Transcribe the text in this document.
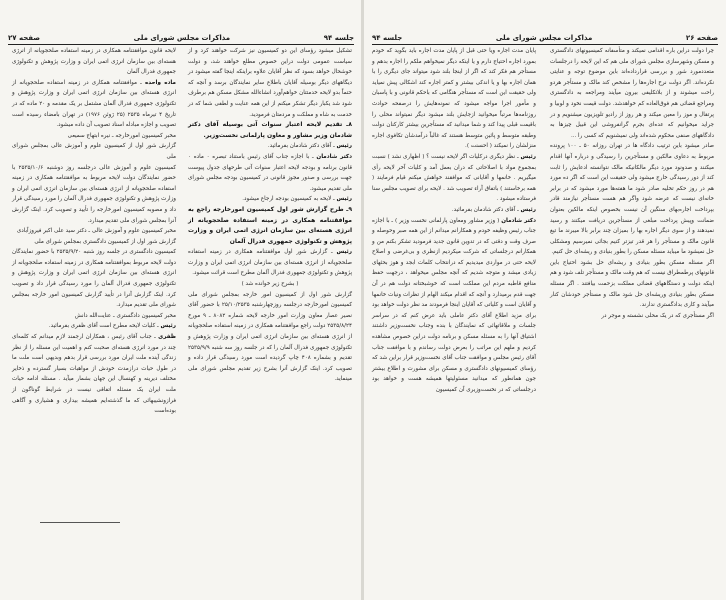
جلسه ۹۴
مذاکرات مجلس شورای ملی
صفحه ۲۷

تشکیل میشود رؤسای این دو کمیسیون نیز شرکت خواهند کرد و از سیاست عمومی دولت دراین خصوص مطلع خواهند شد، و دولت خوشحال خواهد بسود که نظر آقایان علاوه براینکه اینجا گفته میشود در دیگاههای دیگر بوسیله آقایان باطلاع سایر نمایندگان برسد و آنچه که حتماً بدو لایحه خدمتتان خواهم‌آورد انشاءالله مشکل مسکن هم برطرف شود شد یکبار دیگر تشکر میکنم از این همه عنایت و لطفی شما که در خدمت به شاه و مملکت و مردمتان فرمودید.

۸ـ تقدیم لایحه اعتبار سنوات آتی بوسیله آقای دکتر شادمان وزیر مشاور و معاون پارلمانی نخست‌وزیر.

رئیس ـ آقای دکتر شادمان بفرمائید.

دکتر شادمان ـ با اجازه جناب آقای رئیس باستناد تبصره ۰ ماده ۰ قانون برنامه و بودجه لایحه اعتبار سنوات آتی طرحهای جدول پیوست جهت بررسی و صدور مجوز قانونی در کمیسیون بودجه مجلس شورای ملی تقدیم میشود.

رئیس ـ لایحه به کمیسیون بودجه ارجاع میشود.

۹ـ طرح گزارش شور اول کمیسیون امورخارجه راجع به موافقتنامه همکاری در زمینه استفاده صلحجویانه از انرژی هسته‌ای بین سازمان انرژی اتمی ایران و وزارت پژوهش و تکنولوژی جمهوری فدرال آلمان

رئیس ـ گزارش شور اول موافقتنامه همکاری در زمینه استفاده صلحجویانه از انرژی هسته‌ای بین سازمان انرژی اتمی ایران و وزارت پژوهش و تکنولوژی جمهوری فدرال آلمان مطرح است قرائت میشود.

( بشرح زیر خوانده شد )

گزارش شور اول از کمیسیون امور خارجه بمجلس شورای ملی کمیسیون امورخارجه درجلسه روزچهارشنبه ۲۵/۱۰/۲۵۳۵ با حضور آقای نصیر عصار معاون وزارت امور خارجه لایحه شماره ۸۰۸۲ ـ ۹ مورخ ۲۵۳۵/۸/۲۴ دولت راجع موافقتنامه همکاری در زمینه استفاده صلحجویانه از انرژی هسته‌ای بین سازمان انرژی اتمی ایران و وزارت پژوهش و تکنولوژی جمهوری فدرال آلمان را که در جلسه روز سه شنبه ۲۵۳۵/۹/۹ تقدیم و بشماره ۴۰۸ چاپ گردیده است مورد رسیدگی قرار داده و تصویب کرد. اینک گزارش آنرا بشرح زیر تقدیم مجلس شورای ملی مینماید.

لایحه قانون موافقتنامه همکاری در زمینه استفاده صلحجویانه از انرژی هسته‌ای بین سازمان انرژی اتمی ایران و وزارت پژوهش و تکنولوژی جمهوری فدرال آلمان

ماده واحده ـ موافقتنامه همکاری در زمینه استفاده صلحجویانه از انرژی هسته‌ای بین سازمان انرژی اتمی ایران و وزارت پژوهش و تکنولوژی جمهوری فدرال آلمان مشتمل بر یک مقدمه و ۲۰ ماده که در تاریخ ۴ تیرماه ۲۵۳۵ (۲۵ ژوئن ۱۹۷۶) در تهران بامضاء رسیده است تصویب و اجازه مبادله اسناد تصویب آن داده میشود.

مخبر کمیسیون امورخارجه ـ نیره ابتهاج سمیعی

گزارش شور اول از کمیسیون علوم و آموزش عالی بمجلس شورای ملی

کمیسیون علوم و آموزش عالی درجلسه روز دوشنبه ۲۵۳۵/۱۰/۶ با حضور نمایندگان دولت لایحه مربوط به موافقتنامه همکاری در زمینه استفاده صلحجویانه از انرژی هسته‌ای بین سازمان انرژی اتمی ایران و وزارت پژوهش و تکنولوژی جمهوری فدرال آلمان را مورد رسیدگی قرار داد و مصوبه کمیسیون امورخارجه را تأیید و تصویب کرد. اینک گزارش آنرا بمجلس شورای ملی تقدیم میدارد.

مخبر کمیسیون علوم و آموزش عالی ـ دکتر سید علی اکبر فیروزآبادی

گزارش شور اول از کمیسیون دادگستری بمجلس شورای ملی

کمیسیون دادگستری در جلسه روز شنبه ۲۵۳۵/۹/۲۰ با حضور نمایندگان دولت لایحه مربوط بموافقتنامه همکاری در زمینه استفاده صلحجویانه از انرژی هسته‌ای بین سازمان انرژی اتمی ایران و وزارت پژوهش و تکنولوژی جمهوری فدرال آلمان را مورد رسیدگی قرار داد و تصویب کرد. اینک گزارش آنرا در تأیید گزارش کمیسیون امور خارجه بمجلس شورای ملی تقدیم میدارد.

مخبر کمیسیون دادگستری ـ عنایت‌الله دانش

رئیس ـ کلیات لایحه مطرح است آقای ظفری بفرمائید.

ظفری ـ جناب آقای رئیس ، همکاران ارجمند لازم میدانم که کلمه‌ای چند در مورد انرژی هسته‌ای صحبت کنم و اهمیت این مسئله را از نظر زندگی آینده ملت ایران مورد بررسی قرار بدهم وبدیهی است ملت ما در طول حیات درازمدت خودش از مواهبات بسیار گسترده و ذخایر مختلف دیرینه و کهنسال این جهان بشمار میآید . مسئله ادامه حیات ملت ایران یک مسئله اتفاقی نیست در شرایط گوناگون از فرازونشیبهائی که ما گذشته‌ایم همیشه بیداری و هشیاری و آگاهی بوده‌است

صفحه ۲۶
مذاکرات مجلس شورای ملی
جلسه ۹۴

چرا دولت دراین باره اقدامی نمیکند و متأسفانه کمیسیونهای دادگستری و مسکن وشهرسازی مجلس شورای ملی هم که این لایحه را درجلسات متعددمورد شور و بررسی قرارداده‌اند باین موضوع توجه و عنایتی نکرده‌اند. اگر دولت نرخ اجاره‌ها را مشخص کند مالک و مستأجر هردو راحت میشوند و از بلاتکلیفی بیرون میآیند ومراجعه به دادگستری ومراجع قضائی هم فوق‌العاده کم خواهدشد. دولت قیمت نخود و لوبیا و پرتقال و موز را معین میکند و هر روز از رادیو تلویزیون میشنویم و در جراید میخوانیم که عده‌ای بجرم گرانفروشی این قبیل چیزها به دادگاههای صنفی محکوم شده‌اند ولی نمیشنویم که کسی را ...

صادر میشود باین ترتیب دادگاه ها در تهران روزانه ۵۰ ـ ۱۰۰ پرونده مربوط به دعاوی مالکین و مستأجرین را رسیدگی و درباره آنها اقدام میکنند و صدونود مورد دیگر مالکانیکه مالک نتوانسته ادعایش را ثابت کند از دور رسیدگی خارج میشود ولی حقیقت این است که اگر ده مورد هم در روز حکم تخلیه صادر شود ما هفته‌ها مورد میشود که در برابر خانه‌ای نیست که عرضه شود واگر هم هست مستأجر نیازمند قادر بپرداخت اجاره‌بهای سنگین آن نیست بخصوص اینکه مالکین بعنوان ضمانت وپیش پرداخت مبلغی از مستأجرین دریافت میکنند و رسید نمیدهند و از سوی دیگر اجاره بها را بمیزان چند برابر بالا میبرند ما تیغ قانون مالک و مستأجر را هر قدر تیزتر کنیم بجائی نمیرسیم ومشکلی حل نمیشود ما میباید مسئله مسکن را بطور بنیادی و ریشه‌ای حل کنیم.

اگر مسئله مسکن بطور بنیادی و ریشه‌ای حل بشود احتیاج باین قانونهای پرطمطراق نیست که هم وقت مالک و مستأجر تلف شود و هم اینکه دولت و دستگاههای قضائی مملکت بزحمت بیافتند . اگر مسئله مسکن بطور بنیادی وریشه‌ای حل شود مالک و مستأجر خودشان کنار میآیند و کاری بدادگستری ندارند.

اگر مستأجری که در یک محلی نشسته و موجر در

پایان مدت اجاره ویا حتی قبل از پایان مدت اجاره باید بگوید که خودم بمورد اجاره احتیاج دارم و یا اینکه دیگر نمیخواهم ملکم را اجاره بدهم و مستأجر هم فکر کند که اگر از اینجا بلند شود میتواند جای دیگری را با همان اجاره بها و یا اندکی بیشتر و کمتر اجاره کند اشکالی پیش نمیاید ولی حقیقت این است که مستأجر هنگامی که باحکم قانونی و با پاسبان و مأمور اجرا مواجه میشود که نمونه‌هایش را درصفحه حوادث روزنامه‌ها مرتباً میخوانید ازجایش بلند میشود دیگر نمیتواند محلی را باقیمت قبلی پیدا کند و شما میدانید که مستأجرین بیشتر کارکنان دولت وطبقه متوسط و پائین متوسط هستند که غالباً درآمدشان تکافوی اجاره منزلشان را نمیکند ( احسنت ).

رئیس ـ نظر دیگری درکلیات اگر لایحه نیست ؟ ( اظهاری نشد ) نسبت بمجموع مواد با اصلاحاتی که دران بعمل آمد و کلیات آخر لایحه رأی میگیریم . خانمها و آقایانی که موافقند خواهش میکنم قیام فرمایند ( همه برخاستند ) باتفاق آراء تصویب شد . لایحه برای تصویب مجلس سنا فرستاده میشود .

رئیس ـ آقای دکتر شادمان بفرمائید.

دکتر شادمان ( وزیر مشاور ومعاون پارلمانی نخست وزیر ) ـ با اجازه جناب رئیس وظیفه خودم و همکارانم میدانم از این همه صبر وحوصله و صرف وقت و دقتی که در تدوین قانون جدید فرمودید تشکر بکنم من و همکارانم درجلساتی که شرکت میکردیم ازنظری و بی‌غرضی و اصلاح لایحه حتی در مواردی میدیدیم که درانتخاب کلمات ابجد و هوز بحثهای زیادی میشد و متوجه شدیم که آنچه مجلس میخواهد ، درجهت حفظ منافع قاطبه مردم این مملکت است که خوشبختانه دولت هم در آن جهت قدم برمیدارد و آنچه که اقدام میکند الهام از تظرات ونیات خانمها و آقایان است و کلیاتی که آقایان اینجا فرمودند مد نظر دولت خواهد بود برای مزید اطلاع آقای دکتر عاملی باید عرض کنم که در سراسر جلسات و ملاقاتهائی که نمایندگان با بنده وجناب نخست‌وزیر داشتند اشتیاق آنها را به مسئله مسکن و برنامه دولت دراین خصوص مشاهده کردیم و ملهم این مراتب را بعرض دولت رساندم و با موافقت جناب آقای رئیس مجلس و موافقت جناب آقای نخست‌وزیر قرار براین شد که رؤسای کمیسیونهای دادگستری و مسکن برای مشورت و اطلاع بیشتر جون همانطور که میدانید مسئولیتها همیشه هست و خواهد بود درجلساتی که در نخست‌وزیری آن کمیسیون
